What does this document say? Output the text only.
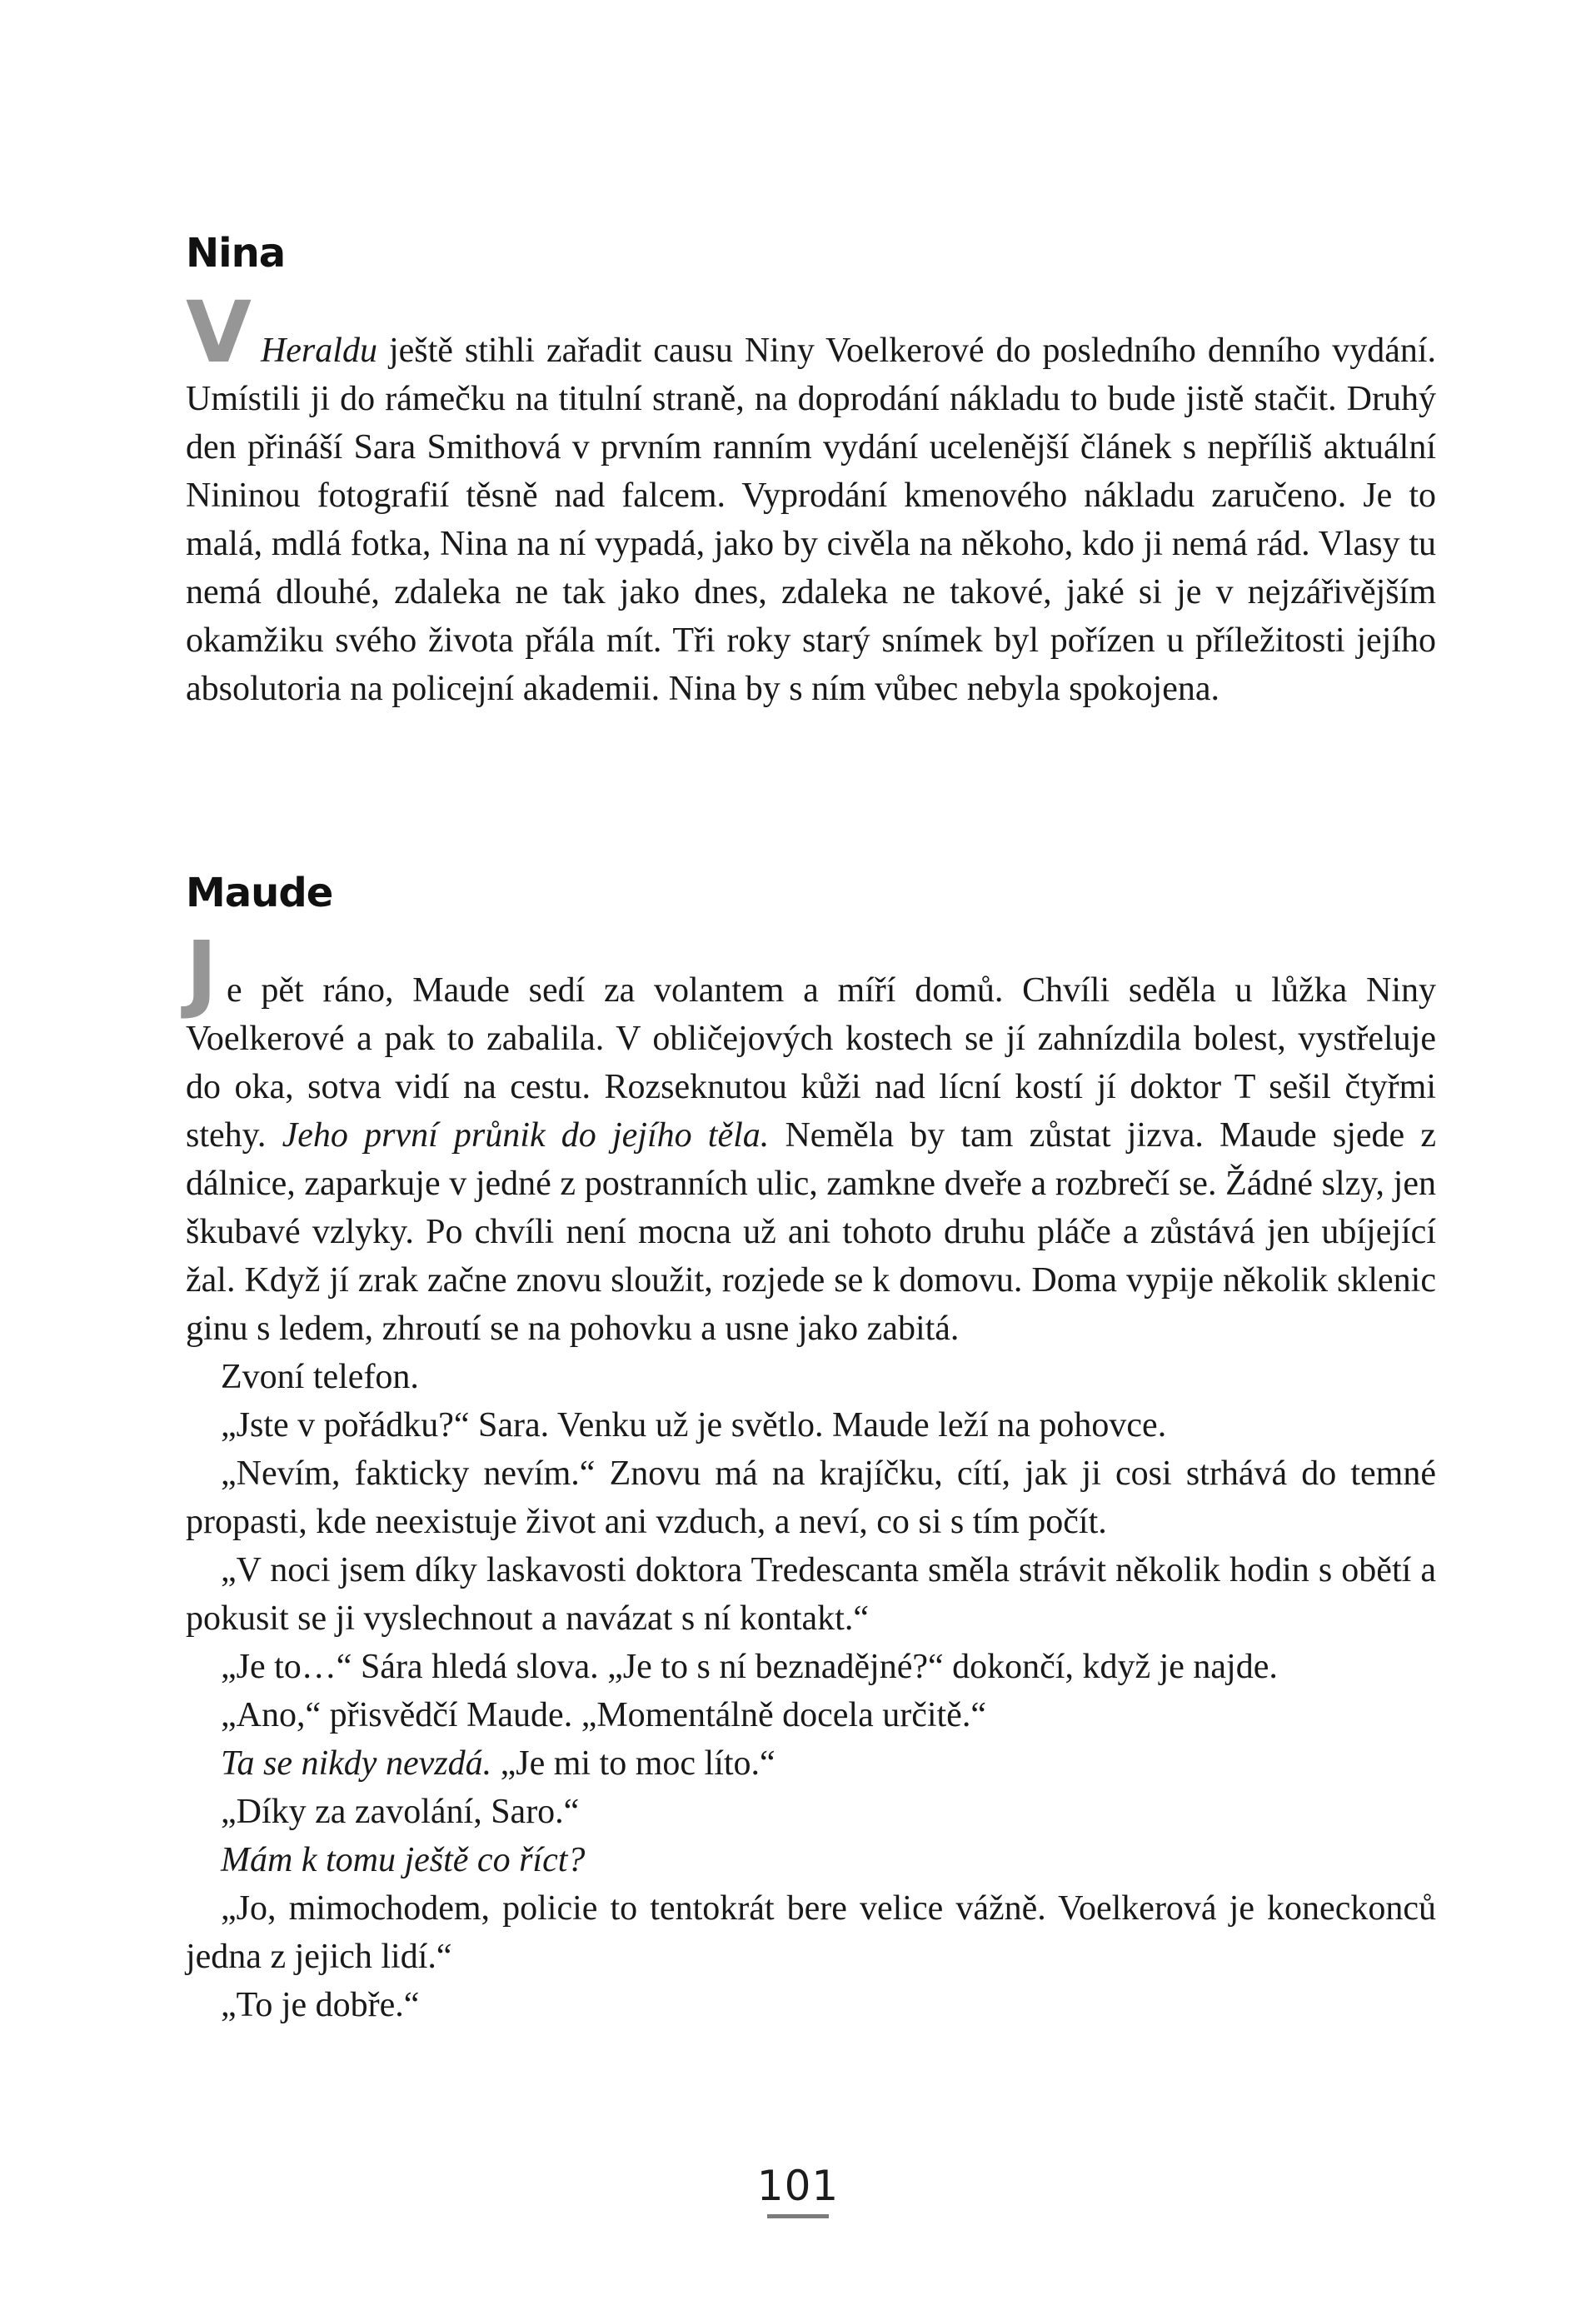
Nina

V Heraldu ještě stihli zařadit causu Niny Voelkerové do posledního denního vydání. Umístili ji do rámečku na titulní straně, na doprodání nákladu to bude jistě stačit. Druhý den přináší Sara Smithová v prvním ranním vydání ucelenější článek s nepříliš aktuální Nininou fotografií těsně nad falcem. Vyprodání kmenového nákladu zaručeno. Je to malá, mdlá fotka, Nina na ní vypadá, jako by civěla na někoho, kdo ji nemá rád. Vlasy tu nemá dlouhé, zdaleka ne tak jako dnes, zdaleka ne takové, jaké si je v nejzářivějším okamžiku svého života přála mít. Tři roky starý snímek byl pořízen u příležitosti jejího absolutoria na policejní akademii. Nina by s ním vůbec nebyla spokojena.

Maude

Je pět ráno, Maude sedí za volantem a míří domů. Chvíli seděla u lůžka Niny Voelkerové a pak to zabalila. V obličejových kostech se jí zahnízdila bolest, vystřeluje do oka, sotva vidí na cestu. Rozseknutou kůži nad lícní kostí jí doktor T sešil čtyřmi stehy. Jeho první průnik do jejího těla. Neměla by tam zůstat jizva. Maude sjede z dálnice, zaparkuje v jedné z postranních ulic, zamkne dveře a rozbrečí se. Žádné slzy, jen škubavé vzlyky. Po chvíli není mocna už ani tohoto druhu pláče a zůstává jen ubíjející žal. Když jí zrak začne znovu sloužit, rozjede se k domovu. Doma vypije několik sklenic ginu s ledem, zhroutí se na pohovku a usne jako zabitá.

Zvoní telefon.

„Jste v pořádku?“ Sara. Venku už je světlo. Maude leží na pohovce.

„Nevím, fakticky nevím.“ Znovu má na krajíčku, cítí, jak ji cosi strhává do temné propasti, kde neexistuje život ani vzduch, a neví, co si s tím počít.

„V noci jsem díky laskavosti doktora Tredescanta směla strávit několik hodin s obětí a pokusit se ji vyslechnout a navázat s ní kontakt.“

„Je to…“ Sára hledá slova. „Je to s ní beznadějné?“ dokončí, když je najde.

„Ano,“ přisvědčí Maude. „Momentálně docela určitě.“

Ta se nikdy nevzdá. „Je mi to moc líto.“

„Díky za zavolání, Saro.“

Mám k tomu ještě co říct?

„Jo, mimochodem, policie to tentokrát bere velice vážně. Voelkerová je koneckonců jedna z jejich lidí.“

„To je dobře.“

101
